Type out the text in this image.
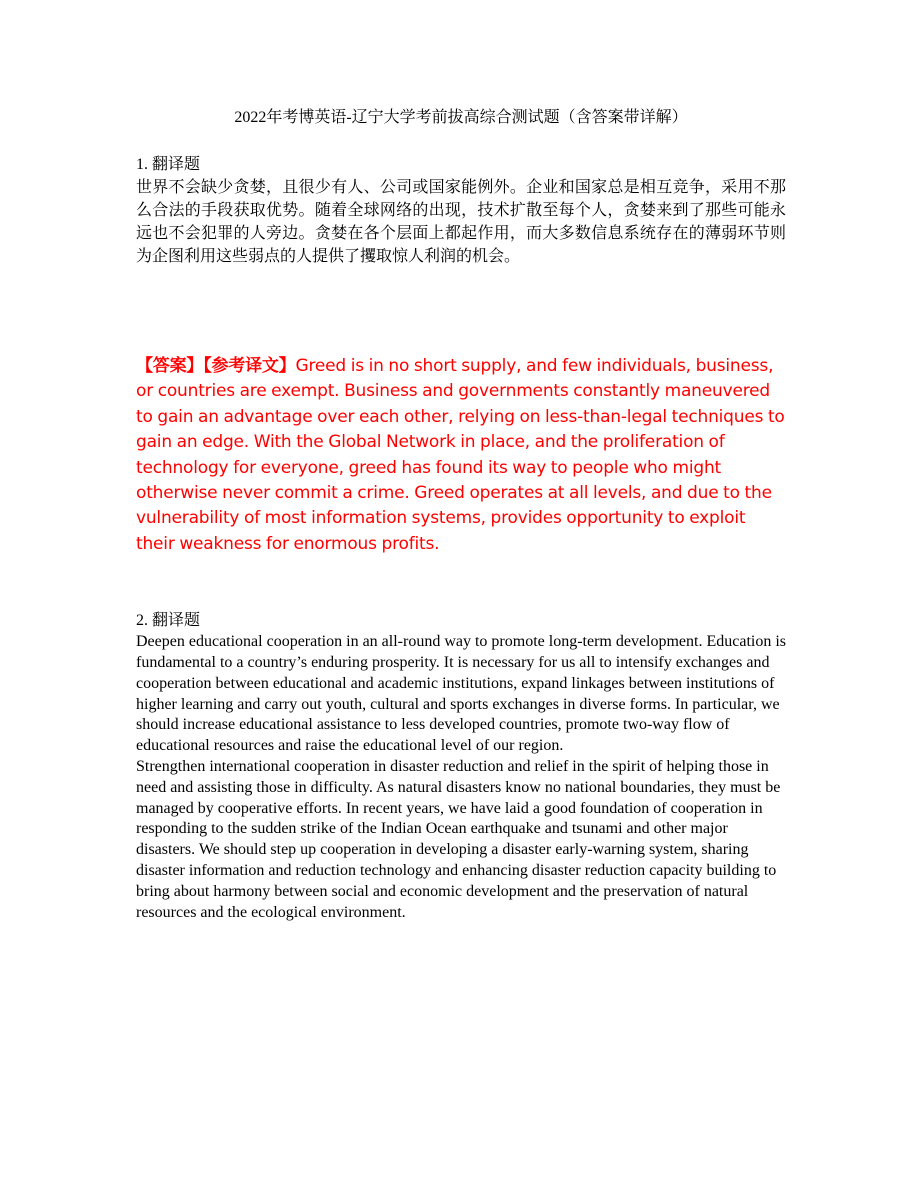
2022年考博英语-辽宁大学考前拔高综合测试题（含答案带详解）

1. 翻译题

世界不会缺少贪婪，且很少有人、公司或国家能例外。企业和国家总是相互竞争，采用不那么合法的手段获取优势。随着全球网络的出现，技术扩散至每个人，贪婪来到了那些可能永远也不会犯罪的人旁边。贪婪在各个层面上都起作用，而大多数信息系统存在的薄弱环节则为企图利用这些弱点的人提供了攫取惊人利润的机会。

【答案】【参考译文】Greed is in no short supply, and few individuals, business, or countries are exempt. Business and governments constantly maneuvered to gain an advantage over each other, relying on less-than-legal techniques to gain an edge. With the Global Network in place, and the proliferation of technology for everyone, greed has found its way to people who might otherwise never commit a crime. Greed operates at all levels, and due to the vulnerability of most information systems, provides opportunity to exploit their weakness for enormous profits.

2. 翻译题

Deepen educational cooperation in an all-round way to promote long-term development. Education is fundamental to a country’s enduring prosperity. It is necessary for us all to intensify exchanges and cooperation between educational and academic institutions, expand linkages between institutions of higher learning and carry out youth, cultural and sports exchanges in diverse forms. In particular, we should increase educational assistance to less developed countries, promote two-way flow of educational resources and raise the educational level of our region.
Strengthen international cooperation in disaster reduction and relief in the spirit of helping those in need and assisting those in difficulty. As natural disasters know no national boundaries, they must be managed by cooperative efforts. In recent years, we have laid a good foundation of cooperation in responding to the sudden strike of the Indian Ocean earthquake and tsunami and other major disasters. We should step up cooperation in developing a disaster early-warning system, sharing disaster information and reduction technology and enhancing disaster reduction capacity building to bring about harmony between social and economic development and the preservation of natural resources and the ecological environment.
